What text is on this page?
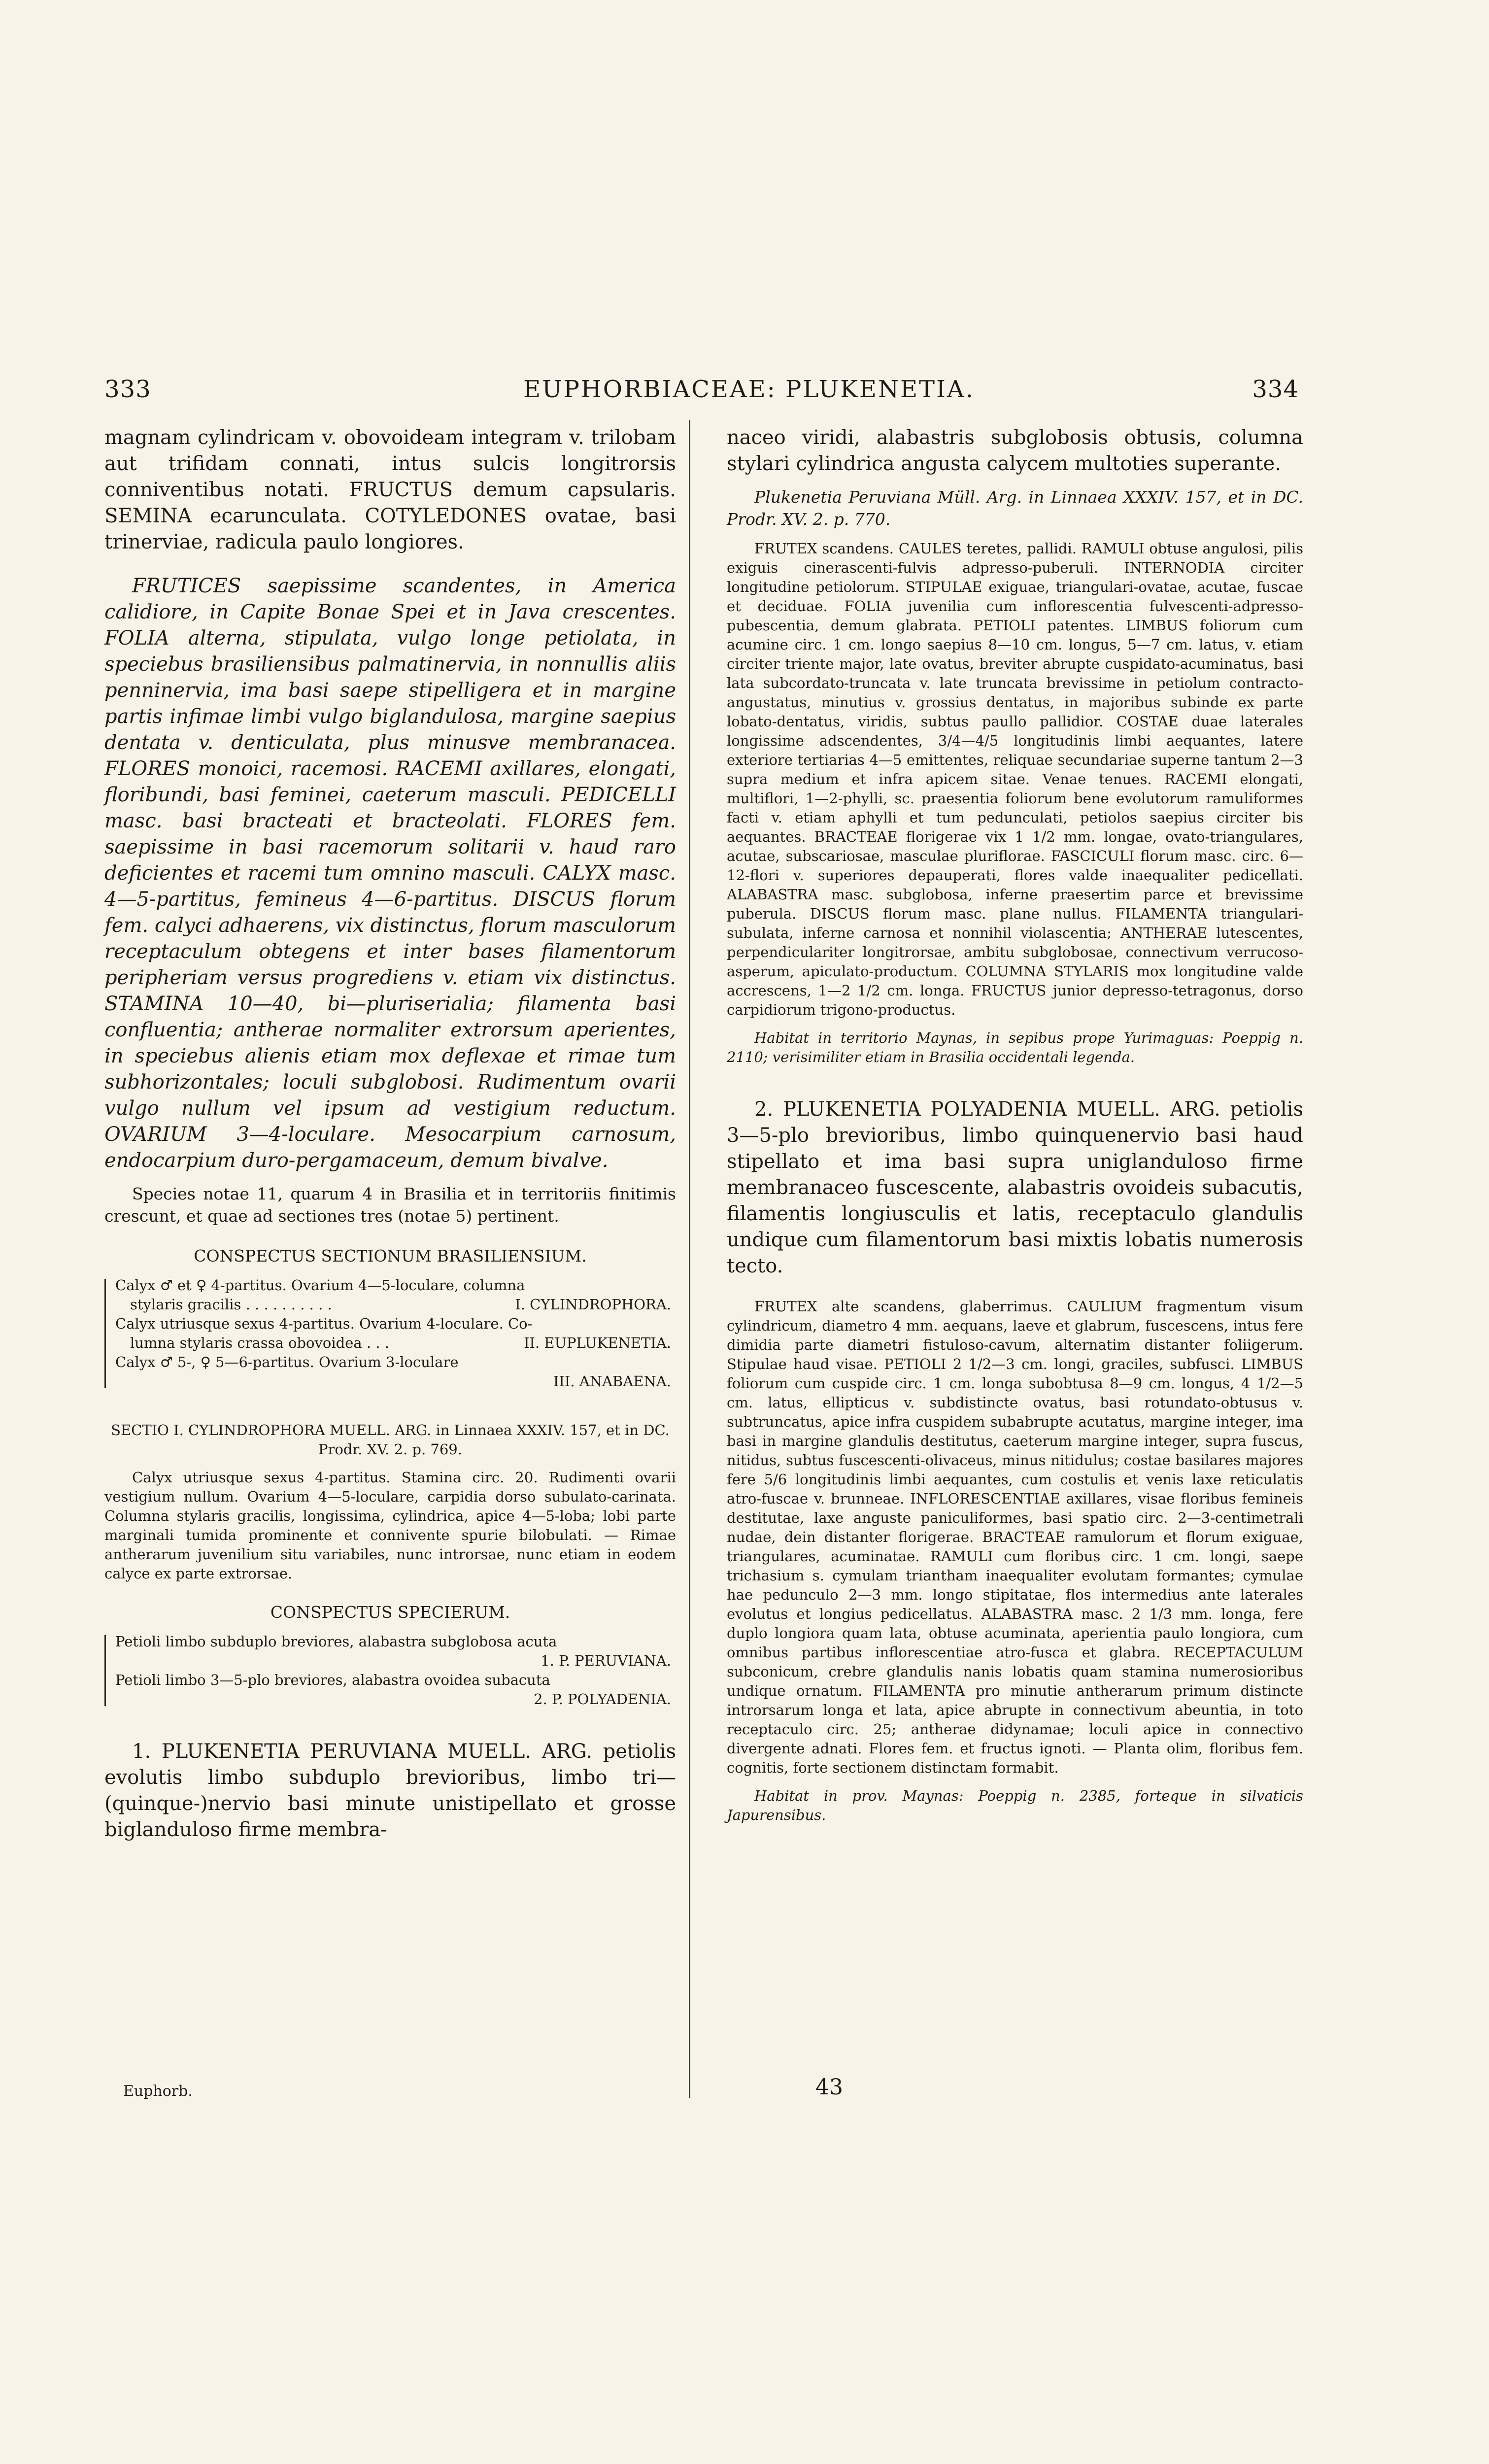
333	EUPHORBIACEAE: PLUKENETIA.	334

magnam cylindricam v. obovoideam integram v. trilobam aut trifidam connati, intus sulcis longitrorsis conniventibus notati. FRUCTUS demum capsularis. SEMINA ecarunculata. COTYLEDONES ovatae, basi trinerviae, radicula paulo longiores.

FRUTICES saepissime scandentes, in America calidiore, in Capite Bonae Spei et in Java crescentes. FOLIA alterna, stipulata, vulgo longe petiolata, in speciebus brasiliensibus palmatinervia, in nonnullis aliis penninervia, ima basi saepe stipelligera et in margine partis infimae limbi vulgo biglandulosa, margine saepius dentata v. denticulata, plus minusve membranacea. FLORES monoici, racemosi. RACEMI axillares, elongati, floribundi, basi feminei, caeterum masculi. PEDICELLI masc. basi bracteati et bracteolati. FLORES fem. saepissime in basi racemorum solitarii v. haud raro deficientes et racemi tum omnino masculi. CALYX masc. 4—5-partitus, femineus 4—6-partitus. DISCUS florum fem. calyci adhaerens, vix distinctus, florum masculorum receptaculum obtegens et inter bases filamentorum peripheriam versus progrediens v. etiam vix distinctus. STAMINA 10—40, bi—pluriserialia; filamenta basi confluentia; antherae normaliter extrorsum aperientes, in speciebus alienis etiam mox deflexae et rimae tum subhorizontales; loculi subglobosi. Rudimentum ovarii vulgo nullum vel ipsum ad vestigium reductum. OVARIUM 3—4-loculare. Mesocarpium carnosum, endocarpium duro-pergamaceum, demum bivalve.

Species notae 11, quarum 4 in Brasilia et in territoriis finitimis crescunt, et quae ad sectiones tres (notae 5) pertinent.

CONSPECTUS SECTIONUM BRASILIENSIUM.

Calyx ♂ et ♀ 4-partitus. Ovarium 4—5-loculare, columna
stylaris gracilis . . . . . . . . . .	I. CYLINDROPHORA.
Calyx utriusque sexus 4-partitus. Ovarium 4-loculare. Co-
lumna stylaris crassa obovoidea . . .	II. EUPLUKENETIA.
Calyx ♂ 5-, ♀ 5—6-partitus. Ovarium 3-loculare
III. ANABAENA.

SECTIO I. CYLINDROPHORA MUELL. ARG. in Linnaea XXXIV. 157, et in DC. Prodr. XV. 2. p. 769.

Calyx utriusque sexus 4-partitus. Stamina circ. 20. Rudimenti ovarii vestigium nullum. Ovarium 4—5-loculare, carpidia dorso subulato-carinata. Columna stylaris gracilis, longissima, cylindrica, apice 4—5-loba; lobi parte marginali tumida prominente et connivente spurie bilobulati. — Rimae antherarum juvenilium situ variabiles, nunc introrsae, nunc etiam in eodem calyce ex parte extrorsae.

CONSPECTUS SPECIERUM.

Petioli limbo subduplo breviores, alabastra subglobosa acuta
1. P. PERUVIANA.
Petioli limbo 3—5-plo breviores, alabastra ovoidea subacuta
2. P. POLYADENIA.

1. PLUKENETIA PERUVIANA MUELL. ARG. petiolis evolutis limbo subduplo brevioribus, limbo tri—(quinque-)nervio basi minute unistipellato et grosse biglanduloso firme membra-

naceo viridi, alabastris subglobosis obtusis, columna stylari cylindrica angusta calycem multoties superante.

Plukenetia Peruviana Müll. Arg. in Linnaea XXXIV. 157, et in DC. Prodr. XV. 2. p. 770.

FRUTEX scandens. CAULES teretes, pallidi. RAMULI obtuse angulosi, pilis exiguis cinerascenti-fulvis adpresso-puberuli. INTERNODIA circiter longitudine petiolorum. STIPULAE exiguae, triangulari-ovatae, acutae, fuscae et deciduae. FOLIA juvenilia cum inflorescentia fulvescenti-adpresso-pubescentia, demum glabrata. PETIOLI patentes. LIMBUS foliorum cum acumine circ. 1 cm. longo saepius 8—10 cm. longus, 5—7 cm. latus, v. etiam circiter triente major, late ovatus, breviter abrupte cuspidato-acuminatus, basi lata subcordato-truncata v. late truncata brevissime in petiolum contracto-angustatus, minutius v. grossius dentatus, in majoribus subinde ex parte lobato-dentatus, viridis, subtus paullo pallidior. COSTAE duae laterales longissime adscendentes, 3/4—4/5 longitudinis limbi aequantes, latere exteriore tertiarias 4—5 emittentes, reliquae secundariae superne tantum 2—3 supra medium et infra apicem sitae. Venae tenues. RACEMI elongati, multiflori, 1—2-phylli, sc. praesentia foliorum bene evolutorum ramuliformes facti v. etiam aphylli et tum pedunculati, petiolos saepius circiter bis aequantes. BRACTEAE florigerae vix 1 1/2 mm. longae, ovato-triangulares, acutae, subscariosae, masculae pluriflorae. FASCICULI florum masc. circ. 6—12-flori v. superiores depauperati, flores valde inaequaliter pedicellati. ALABASTRA masc. subglobosa, inferne praesertim parce et brevissime puberula. DISCUS florum masc. plane nullus. FILAMENTA triangulari-subulata, inferne carnosa et nonnihil violascentia; ANTHERAE lutescentes, perpendiculariter longitrorsae, ambitu subglobosae, connectivum verrucoso-asperum, apiculato-productum. COLUMNA STYLARIS mox longitudine valde accrescens, 1—2 1/2 cm. longa. FRUCTUS junior depresso-tetragonus, dorso carpidiorum trigono-productus.

Habitat in territorio Maynas, in sepibus prope Yurimaguas: Poeppig n. 2110; verisimiliter etiam in Brasilia occidentali legenda.

2. PLUKENETIA POLYADENIA MUELL. ARG. petiolis 3—5-plo brevioribus, limbo quinquenervio basi haud stipellato et ima basi supra uniglanduloso firme membranaceo fuscescente, alabastris ovoideis subacutis, filamentis longiusculis et latis, receptaculo glandulis undique cum filamentorum basi mixtis lobatis numerosis tecto.

FRUTEX alte scandens, glaberrimus. CAULIUM fragmentum visum cylindricum, diametro 4 mm. aequans, laeve et glabrum, fuscescens, intus fere dimidia parte diametri fistuloso-cavum, alternatim distanter foliigerum. Stipulae haud visae. PETIOLI 2 1/2—3 cm. longi, graciles, subfusci. LIMBUS foliorum cum cuspide circ. 1 cm. longa subobtusa 8—9 cm. longus, 4 1/2—5 cm. latus, ellipticus v. subdistincte ovatus, basi rotundato-obtusus v. subtruncatus, apice infra cuspidem subabrupte acutatus, margine integer, ima basi in margine glandulis destitutus, caeterum margine integer, supra fuscus, nitidus, subtus fuscescenti-olivaceus, minus nitidulus; costae basilares majores fere 5/6 longitudinis limbi aequantes, cum costulis et venis laxe reticulatis atro-fuscae v. brunneae. INFLORESCENTIAE axillares, visae floribus femineis destitutae, laxe anguste paniculiformes, basi spatio circ. 2—3-centimetrali nudae, dein distanter florigerae. BRACTEAE ramulorum et florum exiguae, triangulares, acuminatae. RAMULI cum floribus circ. 1 cm. longi, saepe trichasium s. cymulam triantham inaequaliter evolutam formantes; cymulae hae pedunculo 2—3 mm. longo stipitatae, flos intermedius ante laterales evolutus et longius pedicellatus. ALABASTRA masc. 2 1/3 mm. longa, fere duplo longiora quam lata, obtuse acuminata, aperientia paulo longiora, cum omnibus partibus inflorescentiae atro-fusca et glabra. RECEPTACULUM subconicum, crebre glandulis nanis lobatis quam stamina numerosioribus undique ornatum. FILAMENTA pro minutie antherarum primum distincte introrsarum longa et lata, apice abrupte in connectivum abeuntia, in toto receptaculo circ. 25; antherae didynamae; loculi apice in connectivo divergente adnati. Flores fem. et fructus ignoti. — Planta olim, floribus fem. cognitis, forte sectionem distinctam formabit.

Habitat in prov. Maynas: Poeppig n. 2385, forteque in silvaticis Japurensibus.

Euphorb.	43
